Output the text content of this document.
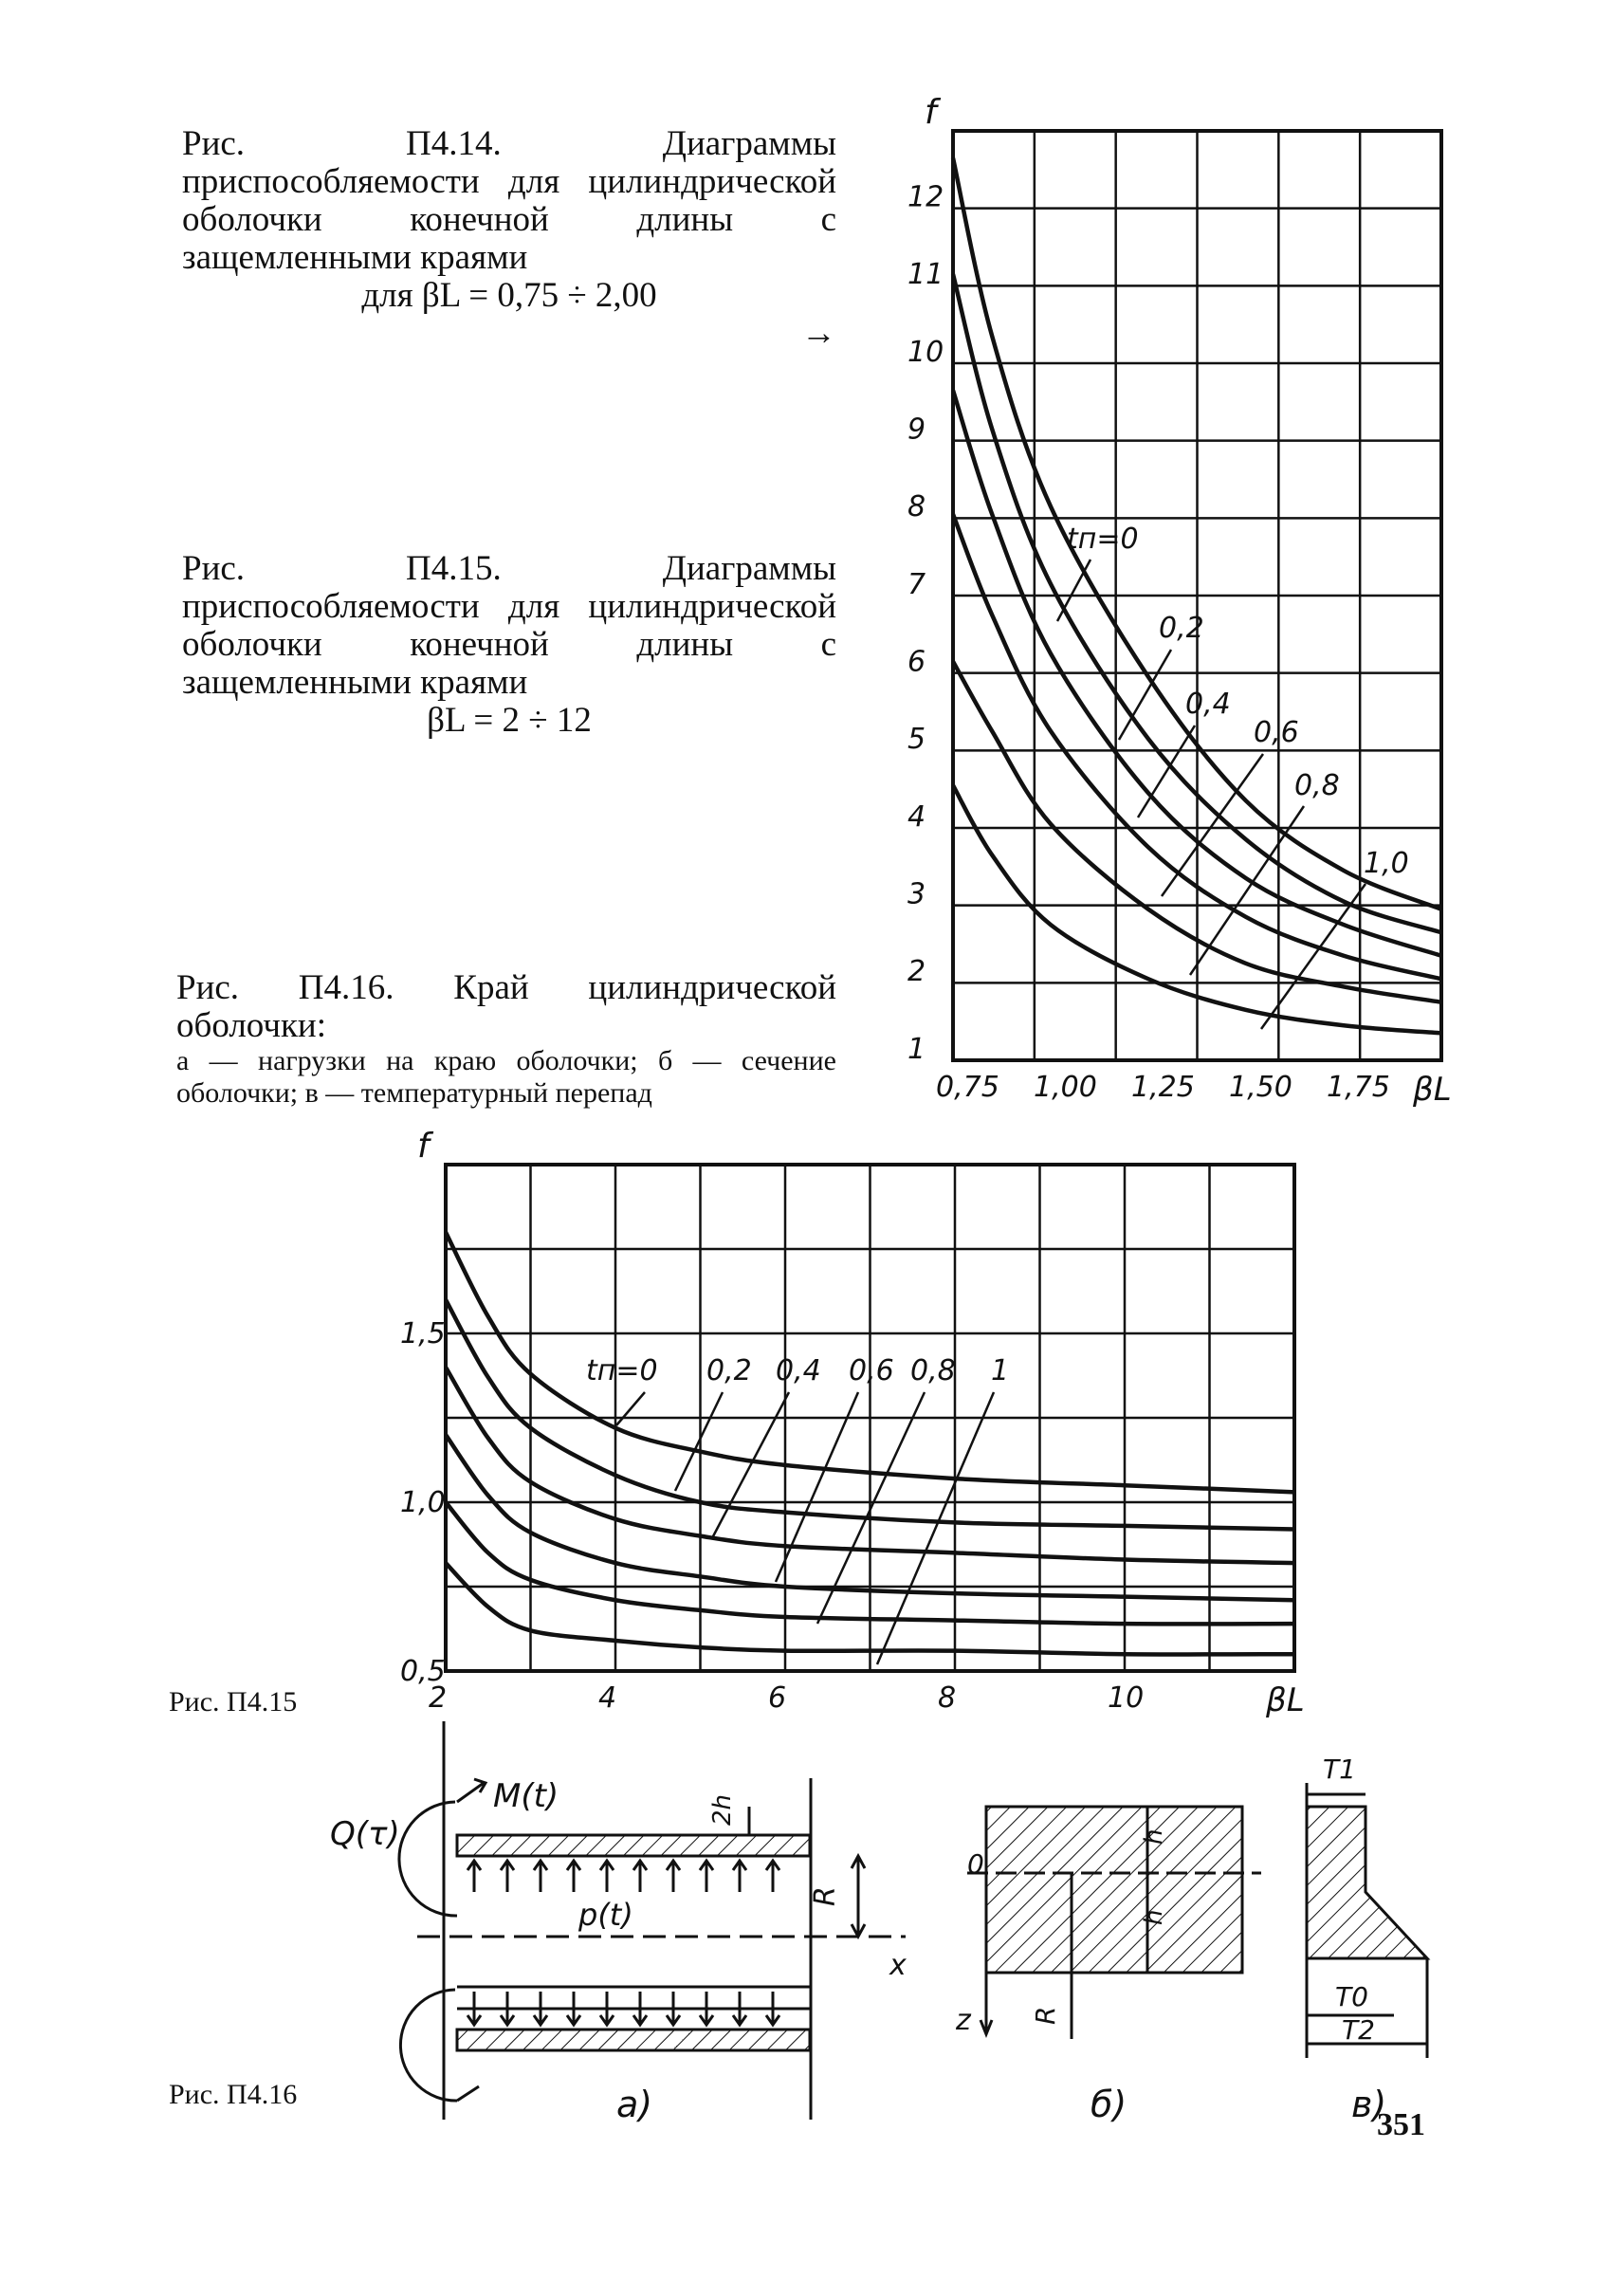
Рис. П4.14. Диаграммы приспособляемости для цилиндрической оболочки конечной длины с защемленными краями
для βL = 0,75 ÷ 2,00
→
Рис. П4.15. Диаграммы приспособляемости для цилиндрической оболочки конечной длины с защемленными краями
βL = 2 ÷ 12
Рис. П4.16. Край цилиндрической оболочки:
а — нагрузки на краю оболочки; б — сечение оболочки; в — температурный перепад
Рис. П4.15
Рис. П4.16
351
0,75 1,00 1,25 1,50 1,75
1
2
3
4
5
6
7
8
9
10
11
12
f
βL
tп=0
0,2
0,4
0,6
0,8
1,0
2	4	6	8	10
0,5
1,0
1,5
f
βL
tп=0 0,2 0,4 0,6 0,8 1
Q(τ)
M(t)	2h
R
p(t)
x
а)
0
h
h
z R
б)
T1
T0
T2
в)
